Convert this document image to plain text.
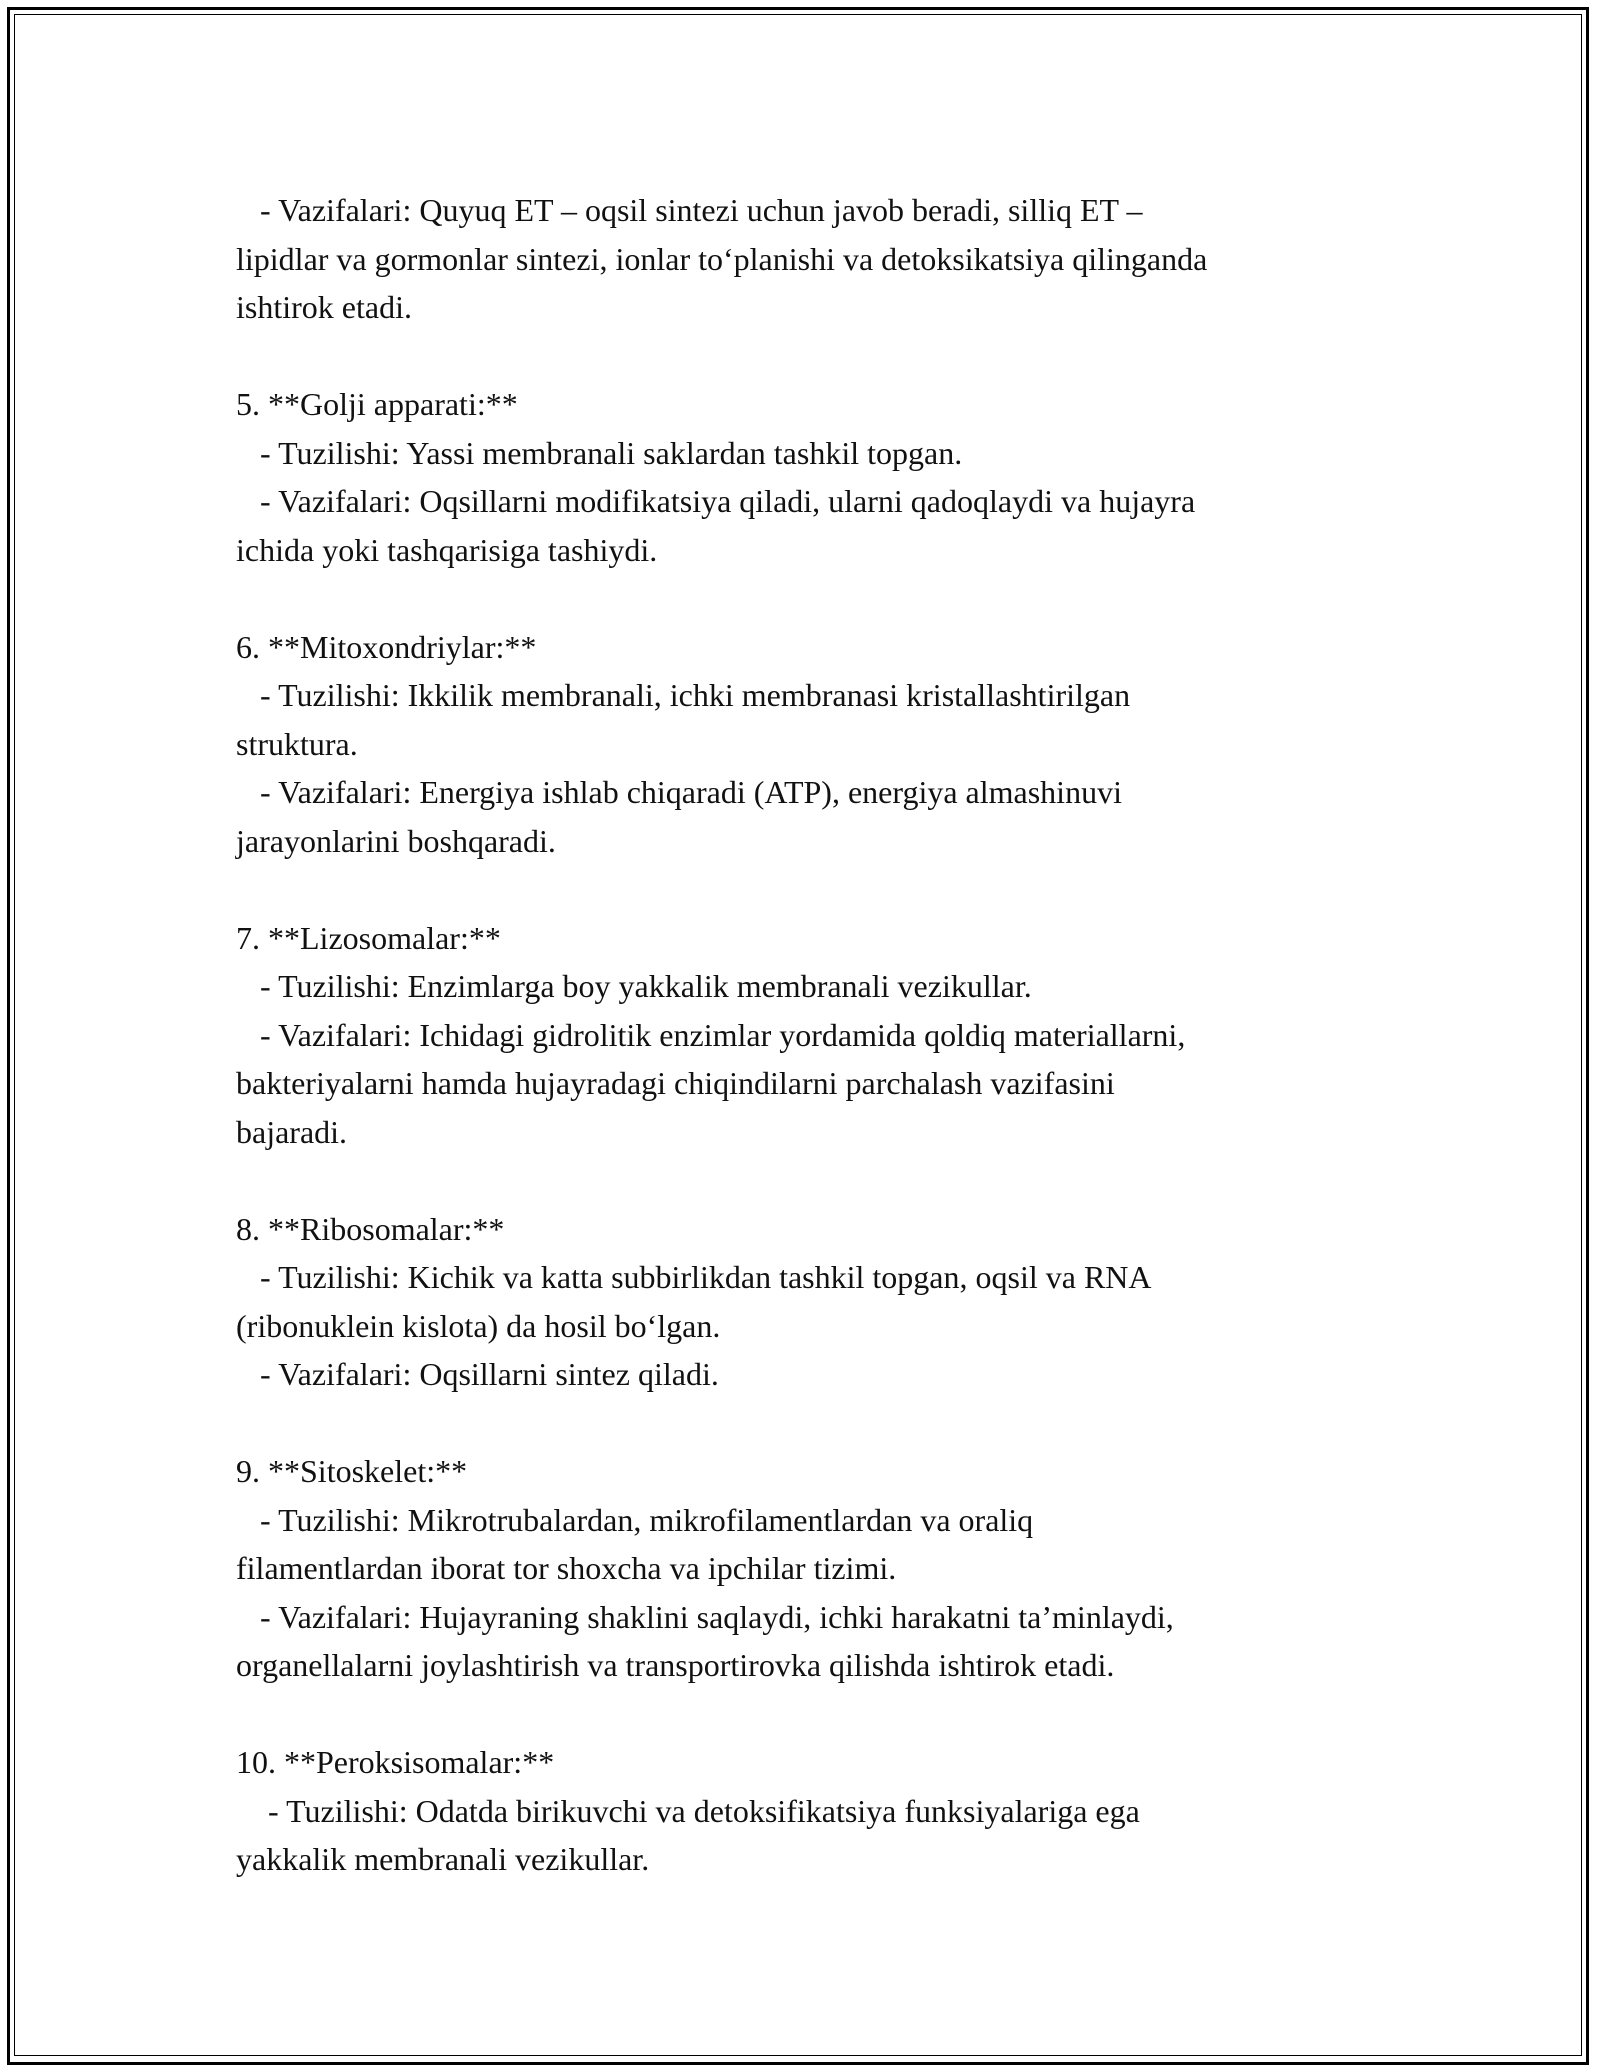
- Vazifalari: Quyuq ET – oqsil sintezi uchun javob beradi, silliq ET –
lipidlar va gormonlar sintezi, ionlar to‘planishi va detoksikatsiya qilinganda
ishtirok etadi.
5. **Golji apparati:**
- Tuzilishi: Yassi membranali saklardan tashkil topgan.
- Vazifalari: Oqsillarni modifikatsiya qiladi, ularni qadoqlaydi va hujayra
ichida yoki tashqarisiga tashiydi.
6. **Mitoxondriylar:**
- Tuzilishi: Ikkilik membranali, ichki membranasi kristallashtirilgan
struktura.
- Vazifalari: Energiya ishlab chiqaradi (ATP), energiya almashinuvi
jarayonlarini boshqaradi.
7. **Lizosomalar:**
- Tuzilishi: Enzimlarga boy yakkalik membranali vezikullar.
- Vazifalari: Ichidagi gidrolitik enzimlar yordamida qoldiq materiallarni,
bakteriyalarni hamda hujayradagi chiqindilarni parchalash vazifasini
bajaradi.
8. **Ribosomalar:**
- Tuzilishi: Kichik va katta subbirlikdan tashkil topgan, oqsil va RNA
(ribonuklein kislota) da hosil bo‘lgan.
- Vazifalari: Oqsillarni sintez qiladi.
9. **Sitoskelet:**
- Tuzilishi: Mikrotrubalardan, mikrofilamentlardan va oraliq
filamentlardan iborat tor shoxcha va ipchilar tizimi.
- Vazifalari: Hujayraning shaklini saqlaydi, ichki harakatni ta’minlaydi,
organellalarni joylashtirish va transportirovka qilishda ishtirok etadi.
10. **Peroksisomalar:**
- Tuzilishi: Odatda birikuvchi va detoksifikatsiya funksiyalariga ega
yakkalik membranali vezikullar.
